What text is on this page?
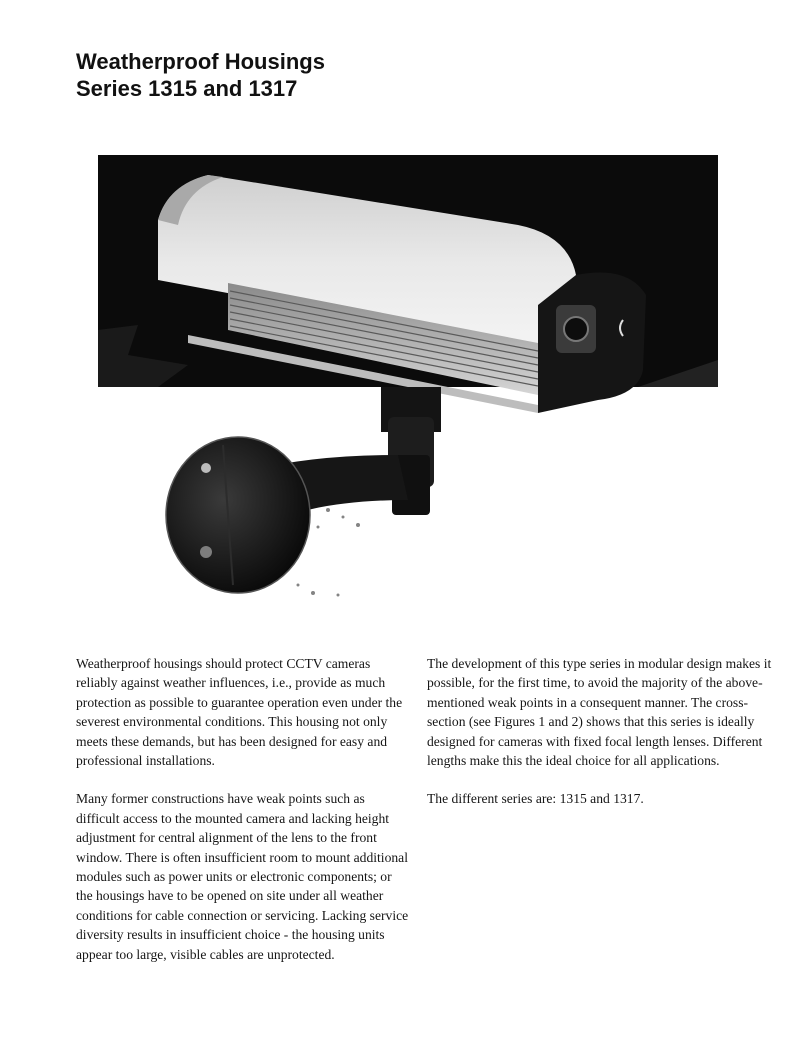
Weatherproof Housings
Series 1315 and 1317

Weatherproof housings should protect CCTV cameras reliably against weather influences, i.e., provide as much protection as possible to guarantee operation even under the severest environmental conditions. This housing not only meets these demands, but has been designed for easy and professional installations.

Many former constructions have weak points such as difficult access to the mounted camera and lacking height adjustment for central alignment of the lens to the front window. There is often insufficient room to mount additional modules such as power units or electronic components; or the housings have to be opened on site under all weather conditions for cable connection or servicing. Lacking service diversity results in insufficient choice - the housing units appear too large, visible cables are unprotected.

The development of this type series in modular design makes it possible, for the first time, to avoid the majority of the above-mentioned weak points in a consequent manner. The cross-section (see Figures 1 and 2) shows that this series is ideally designed for cameras with fixed focal length lenses. Different lengths make this the ideal choice for all applications.

The different series are: 1315 and 1317.
